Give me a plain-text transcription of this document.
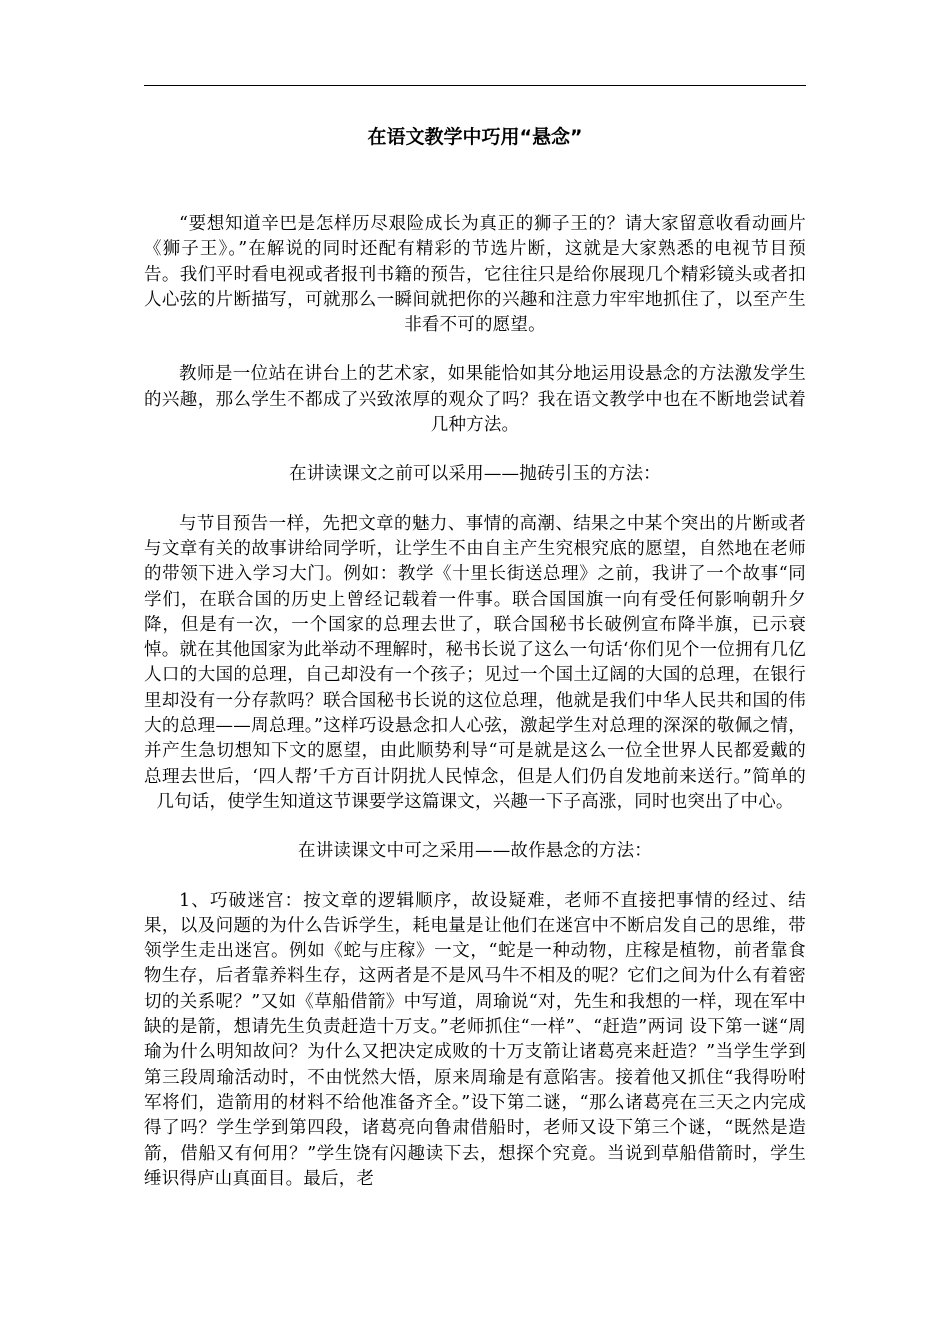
在语文教学中巧用“悬念”

“要想知道辛巴是怎样历尽艰险成长为真正的狮子王的？请大家留意收看动画片《狮子王》。”在解说的同时还配有精彩的节选片断，这就是大家熟悉的电视节目预告。我们平时看电视或者报刊书籍的预告，它往往只是给你展现几个精彩镜头或者扣人心弦的片断描写，可就那么一瞬间就把你的兴趣和注意力牢牢地抓住了，以至产生非看不可的愿望。

教师是一位站在讲台上的艺术家，如果能恰如其分地运用设悬念的方法激发学生的兴趣，那么学生不都成了兴致浓厚的观众了吗？我在语文教学中也在不断地尝试着几种方法。

在讲读课文之前可以采用——抛砖引玉的方法：

与节目预告一样，先把文章的魅力、事情的高潮、结果之中某个突出的片断或者与文章有关的故事讲给同学听，让学生不由自主产生究根究底的愿望，自然地在老师的带领下进入学习大门。例如：教学《十里长街送总理》之前，我讲了一个故事“同学们，在联合国的历史上曾经记载着一件事。联合国国旗一向有受任何影响朝升夕降，但是有一次，一个国家的总理去世了，联合国秘书长破例宣布降半旗，已示衰悼。就在其他国家为此举动不理解时，秘书长说了这么一句话‘你们见个一位拥有几亿人口的大国的总理，自己却没有一个孩子；见过一个国土辽阔的大国的总理，在银行里却没有一分存款吗？联合国秘书长说的这位总理，他就是我们中华人民共和国的伟大的总理——周总理。”这样巧设悬念扣人心弦，激起学生对总理的深深的敬佩之情，并产生急切想知下文的愿望，由此顺势利导“可是就是这么一位全世界人民都爱戴的总理去世后，‘四人帮’千方百计阴扰人民悼念，但是人们仍自发地前来送行。”简单的几句话，使学生知道这节课要学这篇课文，兴趣一下子高涨，同时也突出了中心。

在讲读课文中可之采用——故作悬念的方法：

1、巧破迷宫：按文章的逻辑顺序，故设疑难，老师不直接把事情的经过、结果，以及问题的为什么告诉学生，耗电量是让他们在迷宫中不断启发自己的思维，带领学生走出迷宫。例如《蛇与庄稼》一文，“蛇是一种动物，庄稼是植物，前者靠食物生存，后者靠养料生存，这两者是不是风马牛不相及的呢？它们之间为什么有着密切的关系呢？”又如《草船借箭》中写道，周瑜说“对，先生和我想的一样，现在军中缺的是箭，想请先生负责赶造十万支。”老师抓住“一样”、“赶造”两词 设下第一谜“周瑜为什么明知故问？为什么又把决定成败的十万支箭让诸葛亮来赶造？”当学生学到第三段周瑜活动时，不由恍然大悟，原来周瑜是有意陷害。接着他又抓住“我得吩咐军将们，造箭用的材料不给他准备齐全。”设下第二谜，“那么诸葛亮在三天之内完成得了吗？学生学到第四段，诸葛亮向鲁肃借船时，老师又设下第三个谜，“既然是造箭，借船又有何用？”学生饶有闪趣读下去，想探个究竟。当说到草船借箭时，学生缍识得庐山真面目。最后，老
